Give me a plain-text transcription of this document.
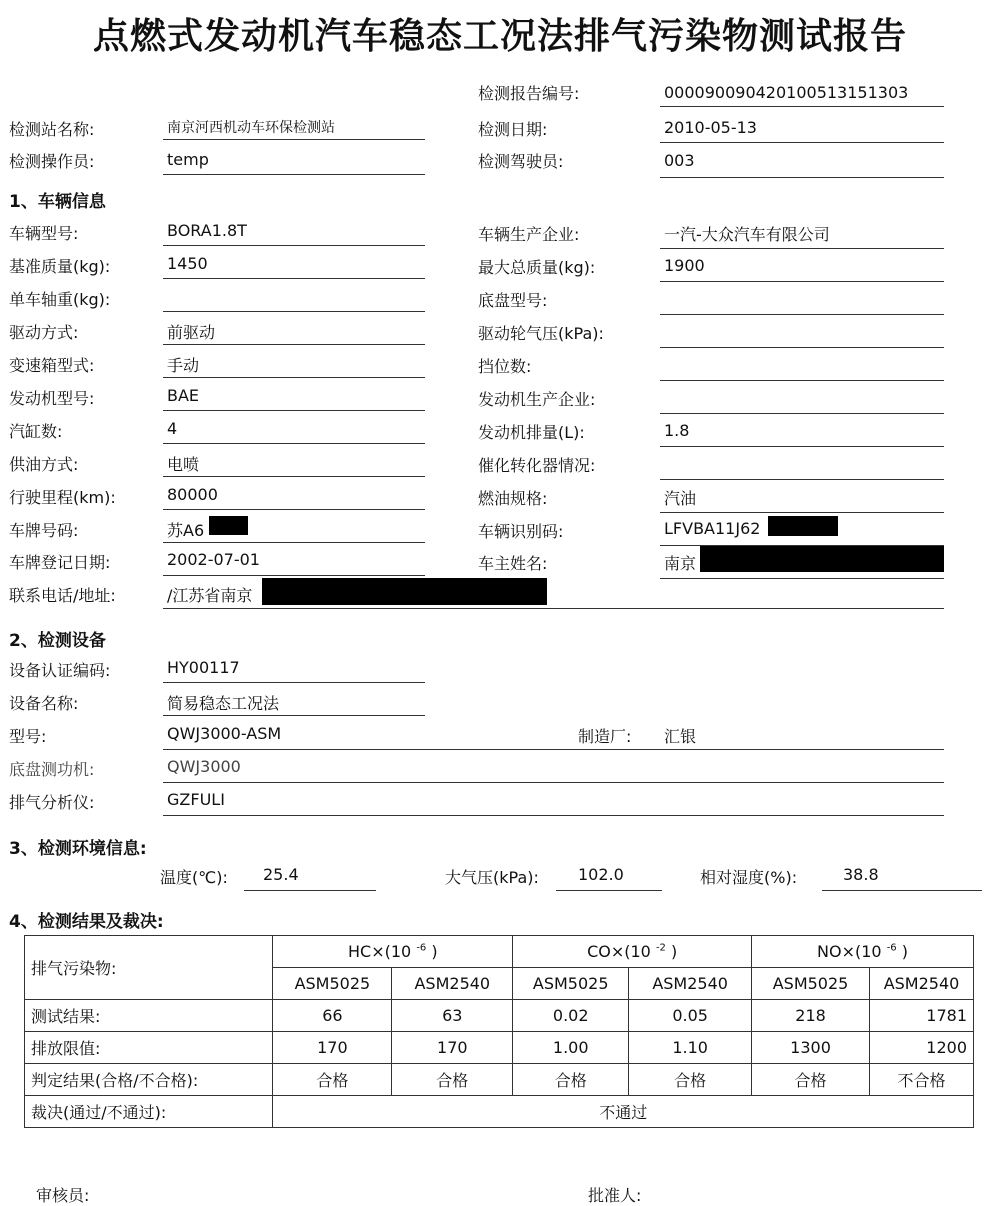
点燃式发动机汽车稳态工况法排气污染物测试报告
检测报告编号:	000090090420100513151303
检测站名称:	南京河西机动车环保检测站	检测日期:	2010-05-13
检测操作员:	temp	检测驾驶员:	003
1、车辆信息
车辆型号:	BORA1.8T	车辆生产企业:	一汽-大众汽车有限公司
基准质量(kg):	1450	最大总质量(kg):	1900
单车轴重(kg):	底盘型号:
驱动方式:	前驱动	驱动轮气压(kPa):
变速箱型式:	手动	挡位数:
发动机型号:	BAE	发动机生产企业:
汽缸数:	4	发动机排量(L):	1.8
供油方式:	电喷	催化转化器情况:
行驶里程(km):	80000	燃油规格:	汽油
车牌号码:	苏A6	车辆识别码:	LFVBA11J62
车牌登记日期:	2002-07-01	车主姓名:	南京
联系电话/地址:	/江苏省南京
2、检测设备
设备认证编码:	HY00117
设备名称:	简易稳态工况法
型号:	QWJ3000-ASM	制造厂: 汇银
底盘测功机:	QWJ3000
排气分析仪:	GZFULI
3、检测环境信息:
温度(℃): 25.4	大气压(kPa): 102.0	相对湿度(%):	38.8
4、检测结果及裁决:
排气污染物:	HC×(10 $^{-6}$ )		CO×(10 $^{-2}$ )		NO×(10 $^{-6}$ )	
	ASM5025	ASM2540	ASM5025	ASM2540	ASM5025	ASM2540
测试结果:	66	63	0.02	0.05	218	1781
排放限值:	170	170	1.00	1.10	1300	1200
判定结果(合格/不合格):	合格	合格	合格	合格	合格	不合格
裁决(通过/不通过):	不通过					
审核员:	批准人:
